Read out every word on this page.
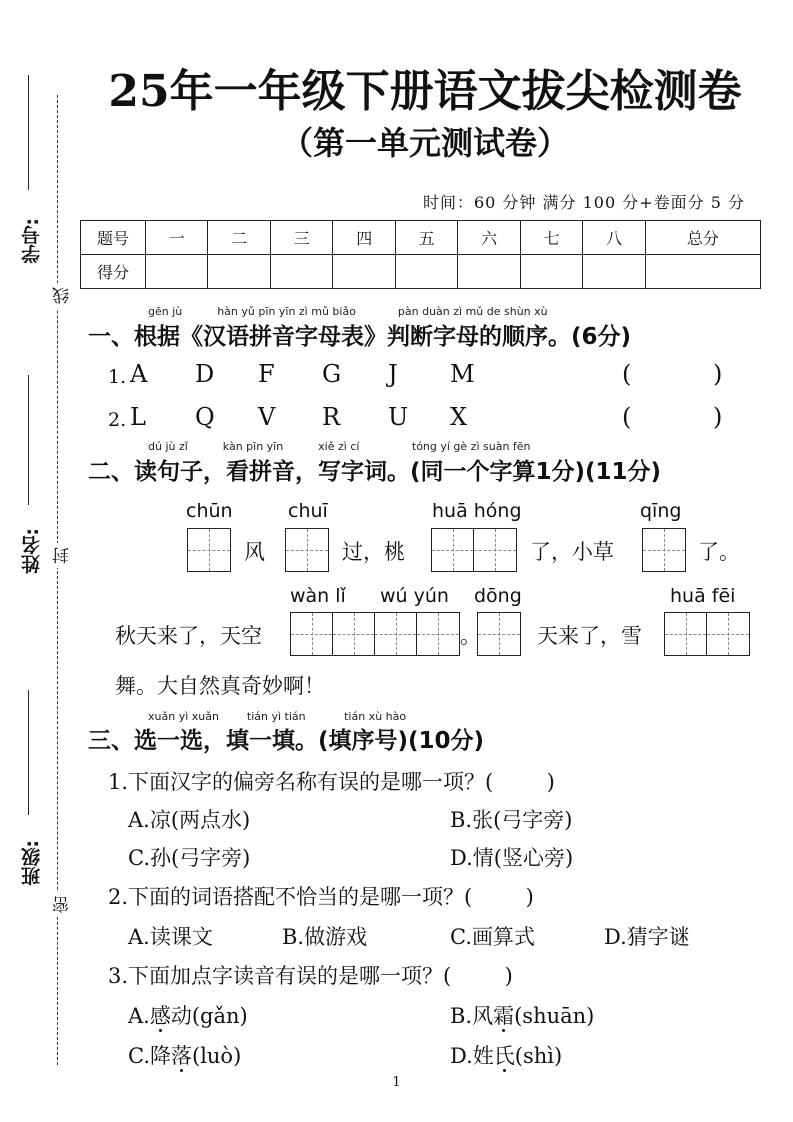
学号:
姓名:
班级:
线
封
密
25年一年级下册语文拔尖检测卷
（第一单元测试卷）
时间：60 分钟 满分 100 分+卷面分 5 分
题号	一	二	三	四	五	六	七	八	总分
得分									
gēn jù          hàn yǔ pīn yīn zì mǔ biǎo            pàn duàn zì mǔ de shùn xù
一、根据《汉语拼音字母表》判断字母的顺序。(6分)
1. A D F G J M	(	)
2. L Q V R U X	(	)
dú jù zǐ          kàn pīn yīn          xiě zì cí               tóng yí gè zì suàn fēn
二、读句子，看拼音，写字词。(同一个字算1分)(11分)
chūn	chuī	huā hóng	qīng
风	过，桃	了，小草	了。
wàn lǐ wú yún dōng	huā fēi
秋天来了，天空	。	天来了，雪
舞。大自然真奇妙啊！
xuǎn yì xuǎn        tián yì tián           tián xù hào
三、选一选，填一填。(填序号)(10分)
1.下面汉字的偏旁名称有误的是哪一项？(        )
A.凉(两点水)	B.张(弓字旁)
C.孙(弓字旁)	D.情(竖心旁)
2.下面的词语搭配不恰当的是哪一项？(        )
A.读课文	B.做游戏	C.画算式	D.猜字谜
3.下面加点字读音有误的是哪一项？(        )
A.感动(gǎn)	B.风霜(shuān)
C.降落(luò)	D.姓氏(shì)
1
